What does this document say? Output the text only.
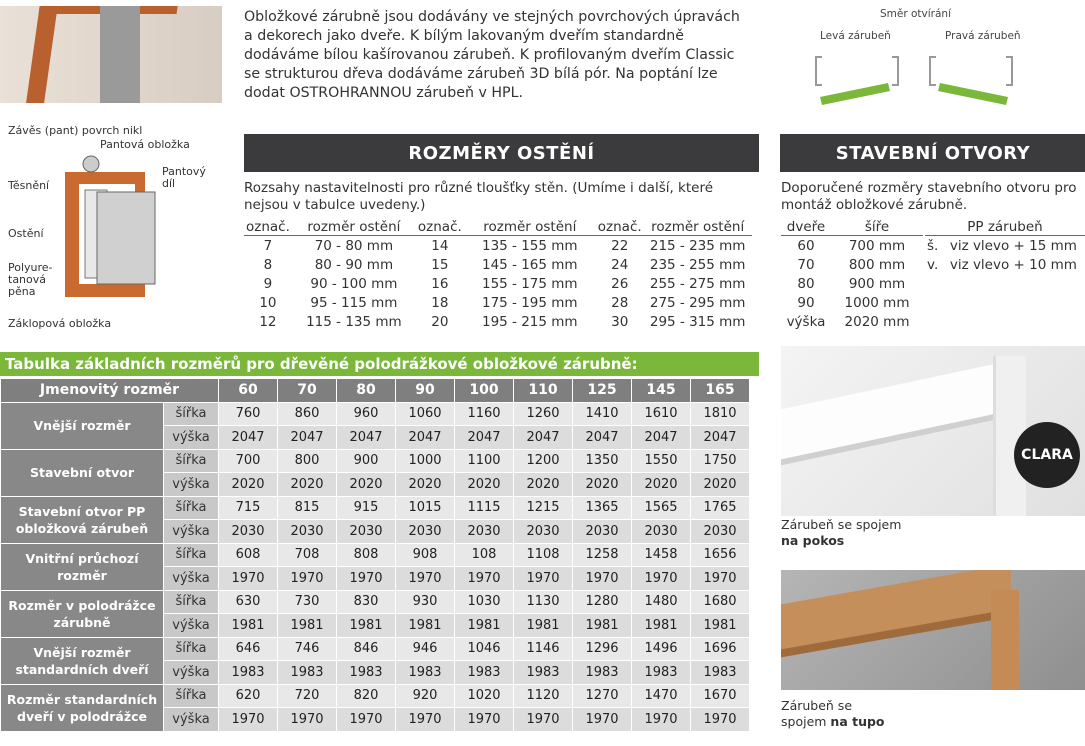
Obložkové zárubně jsou dodávány ve stejných povrchových úpravách a dekorech jako dveře. K bílým lakovaným dveřím standardně dodáváme bílou kašírovanou zárubeň. K profilovaným dveřím Classic se strukturou dřeva dodáváme zárubeň 3D bílá pór. Na poptání lze dodat OSTROHRANNOU zárubeň v HPL.
Směr otvírání
Levá zárubeň	Pravá zárubeň
Závěs (pant) povrch nikl
Pantová obložka
Těsnění
Pantový díl
Ostění
Polyure- tanová pěna
Záklopová obložka
ROZMĚRY OSTĚNÍ
Rozsahy nastavitelnosti pro různé tloušťky stěn. (Umíme i další, které nejsou v tabulce uvedeny.)
označ.	rozměr ostění	označ.	rozměr ostění	označ.	rozměr ostění
7	70 - 80 mm	14	135 - 155 mm	22	215 - 235 mm
8	80 - 90 mm	15	145 - 165 mm	24	235 - 255 mm
9	90 - 100 mm	16	155 - 175 mm	26	255 - 275 mm
10	95 - 115 mm	18	175 - 195 mm	28	275 - 295 mm
12	115 - 135 mm	20	195 - 215 mm	30	295 - 315 mm
STAVEBNÍ OTVORY
Doporučené rozměry stavebního otvoru pro montáž obložkové zárubně.
dveře	šíře
60	700 mm
70	800 mm
80	900 mm
90	1000 mm
výška	2020 mm
PP zárubeň	
š.	viz vlevo + 15 mm
v.	viz vlevo + 10 mm
Tabulka základních rozměrů pro dřevěné polodrážkové obložkové zárubně:
Jmenovitý rozměr		60	70	80	90	100	110	125	145	165
Vnější rozměr	šířka	760	860	960	1060	1160	1260	1410	1610	1810
	výška	2047	2047	2047	2047	2047	2047	2047	2047	2047
Stavební otvor	šířka	700	800	900	1000	1100	1200	1350	1550	1750
	výška	2020	2020	2020	2020	2020	2020	2020	2020	2020
Stavební otvor PP obložková zárubeň	šířka	715	815	915	1015	1115	1215	1365	1565	1765
	výška	2030	2030	2030	2030	2030	2030	2030	2030	2030
Vnitřní průchozí rozměr	šířka	608	708	808	908	108	1108	1258	1458	1656
	výška	1970	1970	1970	1970	1970	1970	1970	1970	1970
Rozměr v polodrážce zárubně	šířka	630	730	830	930	1030	1130	1280	1480	1680
	výška	1981	1981	1981	1981	1981	1981	1981	1981	1981
Vnější rozměr standardních dveří	šířka	646	746	846	946	1046	1146	1296	1496	1696
	výška	1983	1983	1983	1983	1983	1983	1983	1983	1983
Rozměr standardních dveří v polodrážce	šířka	620	720	820	920	1020	1120	1270	1470	1670
	výška	1970	1970	1970	1970	1970	1970	1970	1970	1970
CLARA
Zárubeň se spojem
na pokos
Zárubeň se
spojem na tupo
